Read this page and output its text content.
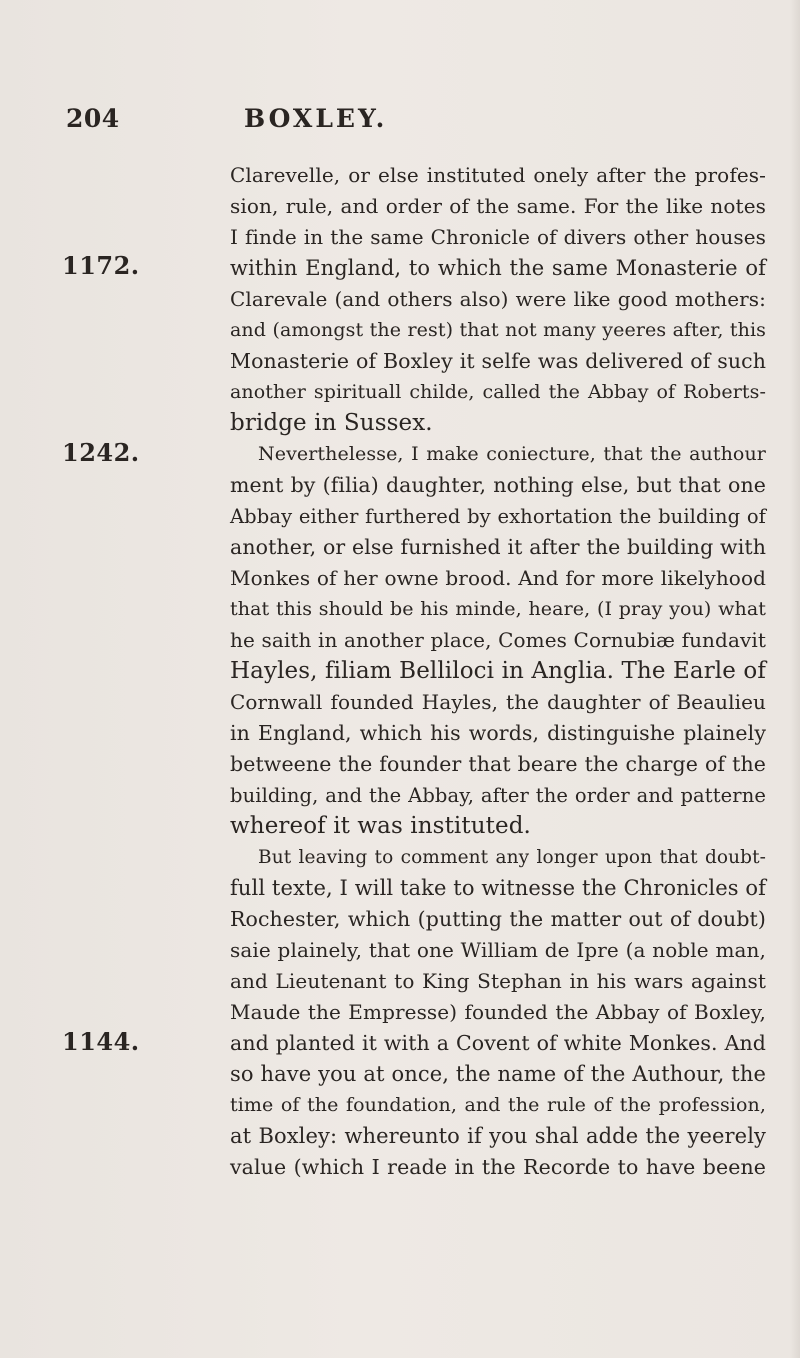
204	BOXLEY.
1172.
1242.
1144.
Clarevelle, or else instituted onely after the profes-
sion, rule, and order of the same. For the like notes
I finde in the same Chronicle of divers other houses
within England, to which the same Monasterie of
Clarevale (and others also) were like good mothers:
and (amongst the rest) that not many yeeres after, this
Monasterie of Boxley it selfe was delivered of such
another spirituall childe, called the Abbay of Roberts-
bridge in Sussex.
Neverthelesse, I make coniecture, that the authour
ment by (filia) daughter, nothing else, but that one
Abbay either furthered by exhortation the building of
another, or else furnished it after the building with
Monkes of her owne brood. And for more likelyhood
that this should be his minde, heare, (I pray you) what
he saith in another place, Comes Cornubiæ fundavit
Hayles, filiam Belliloci in Anglia. The Earle of
Cornwall founded Hayles, the daughter of Beaulieu
in England, which his words, distinguishe plainely
betweene the founder that beare the charge of the
building, and the Abbay, after the order and patterne
whereof it was instituted.
But leaving to comment any longer upon that doubt-
full texte, I will take to witnesse the Chronicles of
Rochester, which (putting the matter out of doubt)
saie plainely, that one William de Ipre (a noble man,
and Lieutenant to King Stephan in his wars against
Maude the Empresse) founded the Abbay of Boxley,
and planted it with a Covent of white Monkes. And
so have you at once, the name of the Authour, the
time of the foundation, and the rule of the profession,
at Boxley: whereunto if you shal adde the yeerely
value (which I reade in the Recorde to have beene
